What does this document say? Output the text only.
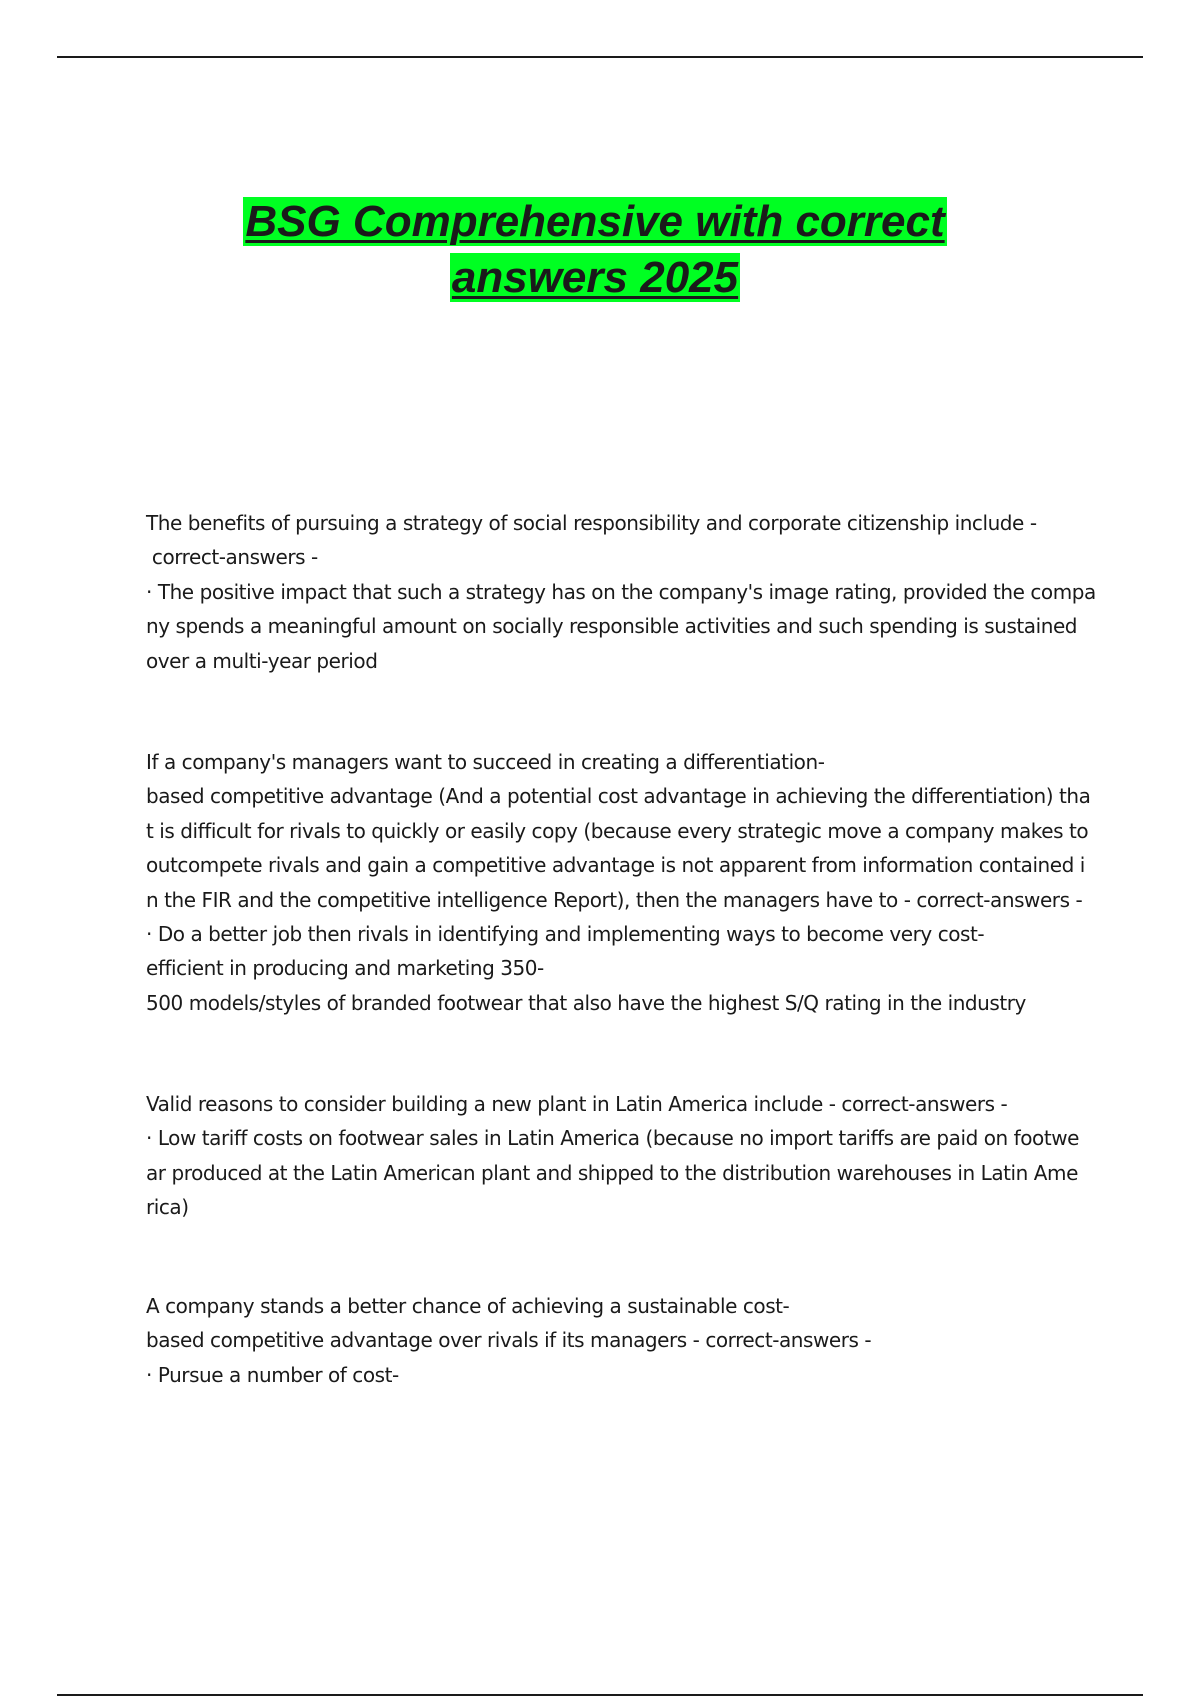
BSG Comprehensive with correct
answers 2025
The benefits of pursuing a strategy of social responsibility and corporate citizenship include -
correct-answers -
· The positive impact that such a strategy has on the company's image rating, provided the compa
ny spends a meaningful amount on socially responsible activities and such spending is sustained
over a multi-year period
If a company's managers want to succeed in creating a differentiation-
based competitive advantage (And a potential cost advantage in achieving the differentiation) tha
t is difficult for rivals to quickly or easily copy (because every strategic move a company makes to
outcompete rivals and gain a competitive advantage is not apparent from information contained i
n the FIR and the competitive intelligence Report), then the managers have to - correct-answers -
· Do a better job then rivals in identifying and implementing ways to become very cost-
efficient in producing and marketing 350-
500 models/styles of branded footwear that also have the highest S/Q rating in the industry
Valid reasons to consider building a new plant in Latin America include - correct-answers -
· Low tariff costs on footwear sales in Latin America (because no import tariffs are paid on footwe
ar produced at the Latin American plant and shipped to the distribution warehouses in Latin Ame
rica)
A company stands a better chance of achieving a sustainable cost-
based competitive advantage over rivals if its managers - correct-answers -
· Pursue a number of cost-
